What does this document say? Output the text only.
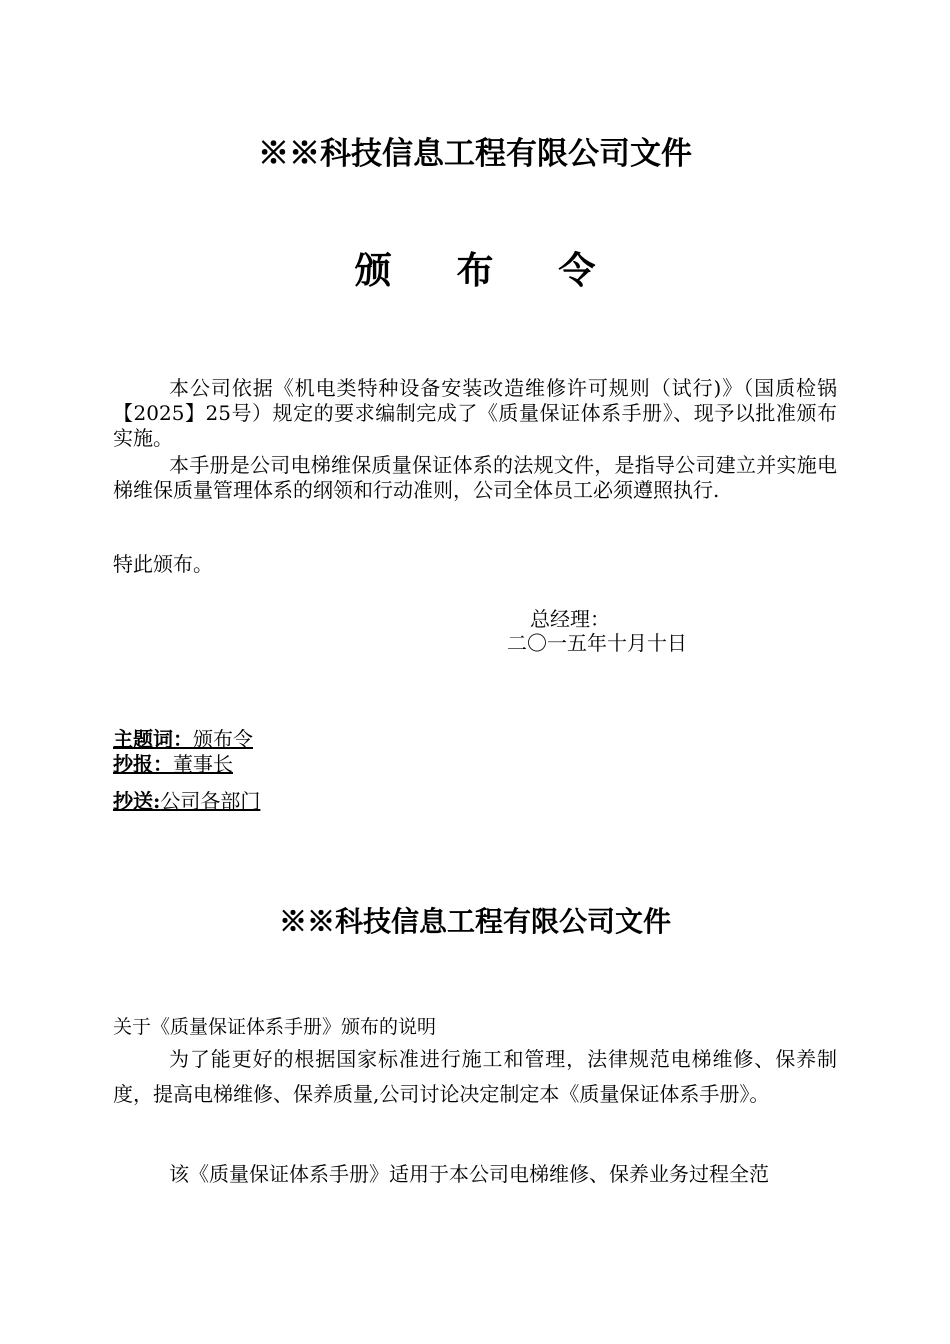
※※科技信息工程有限公司文件
颁 布 令

本公司依据《机电类特种设备安装改造维修许可规则（试行)》（国质检锅【2025】25号）规定的要求编制完成了《质量保证体系手册》、现予以批准颁布实施。

本手册是公司电梯维保质量保证体系的法规文件，是指导公司建立并实施电梯维保质量管理体系的纲领和行动准则，公司全体员工必须遵照执行.

特此颁布。

总经理：
二〇一五年十月十日
主题词：颁布令
抄报：董事长
抄送:公司各部门
※※科技信息工程有限公司文件
关于《质量保证体系手册》颁布的说明

为了能更好的根据国家标准进行施工和管理，法律规范电梯维修、保养制度，提高电梯维修、保养质量,公司讨论决定制定本《质量保证体系手册》。

该《质量保证体系手册》适用于本公司电梯维修、保养业务过程全范
